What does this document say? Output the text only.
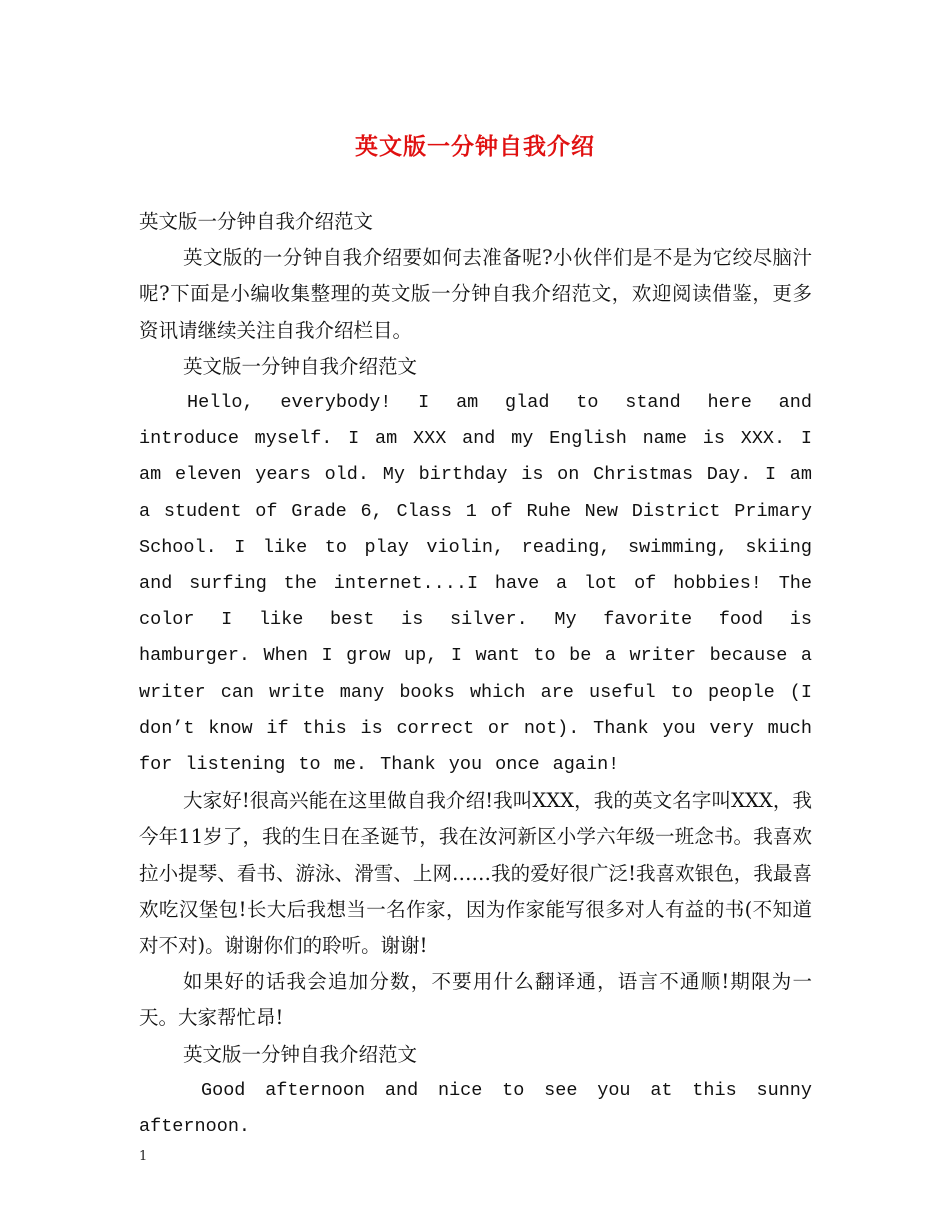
英文版一分钟自我介绍

英文版一分钟自我介绍范文

英文版的一分钟自我介绍要如何去准备呢?小伙伴们是不是为它绞尽脑汁呢?下面是小编收集整理的英文版一分钟自我介绍范文，欢迎阅读借鉴，更多资讯请继续关注自我介绍栏目。

英文版一分钟自我介绍范文

Hello, everybody! I am glad to stand here and introduce myself. I am XXX and my English name is XXX. I am eleven years old. My birthday is on Christmas Day. I am a student of Grade 6, Class 1 of Ruhe New District Primary School. I like to play violin, reading, swimming, skiing and surfing the internet....I have a lot of hobbies! The color I like best is silver. My favorite food is hamburger. When I grow up, I want to be a writer because a writer can write many books which are useful to people (I don’t know if this is correct or not). Thank you very much for listening to me. Thank you once again!

大家好!很高兴能在这里做自我介绍!我叫XXX，我的英文名字叫XXX，我今年11岁了，我的生日在圣诞节，我在汝河新区小学六年级一班念书。我喜欢拉小提琴、看书、游泳、滑雪、上网……我的爱好很广泛!我喜欢银色，我最喜欢吃汉堡包!长大后我想当一名作家，因为作家能写很多对人有益的书(不知道对不对)。谢谢你们的聆听。谢谢!

如果好的话我会追加分数，不要用什么翻译通，语言不通顺!期限为一天。大家帮忙昂!

英文版一分钟自我介绍范文

Good afternoon and nice to see you at this sunny afternoon.

1
